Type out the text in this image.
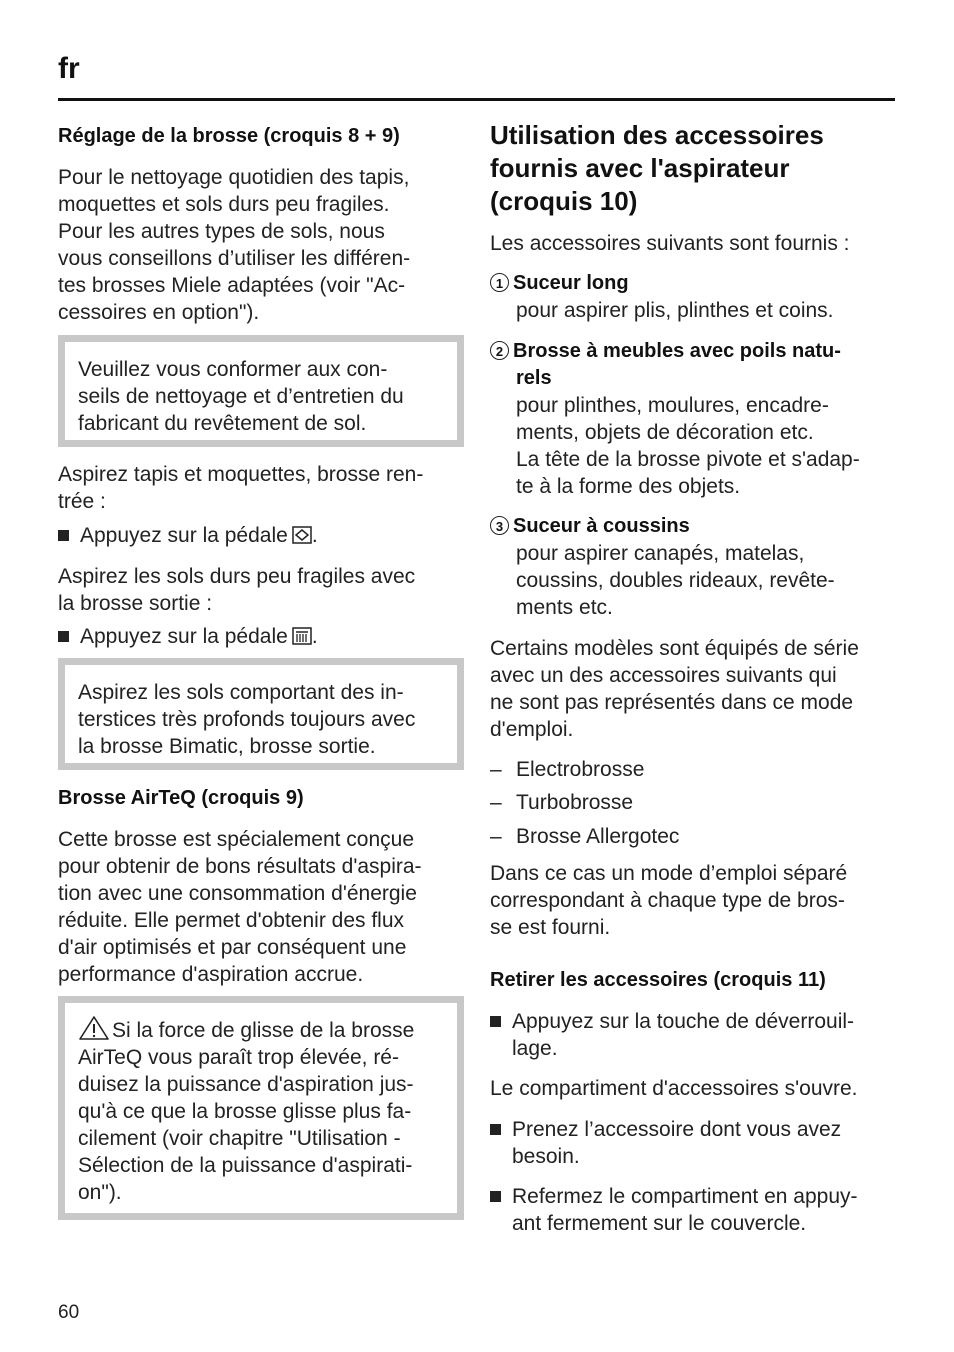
fr
Réglage de la brosse (croquis 8 + 9)
Pour le nettoyage quotidien des tapis,
moquettes et sols durs peu fragiles.
Pour les autres types de sols, nous
vous conseillons d’utiliser les différen-
tes brosses Miele adaptées (voir "Ac-
cessoires en option").
Veuillez vous conformer aux con-
seils de nettoyage et d’entretien du
fabricant du revêtement de sol.
Aspirez tapis et moquettes, brosse ren-
trée :
Appuyez sur la pédale .
Aspirez les sols durs peu fragiles avec
la brosse sortie :
Appuyez sur la pédale .
Aspirez les sols comportant des in-
terstices très profonds toujours avec
la brosse Bimatic, brosse sortie.
Brosse AirTeQ (croquis 9)
Cette brosse est spécialement conçue
pour obtenir de bons résultats d'aspira-
tion avec une consommation d'énergie
réduite. Elle permet d'obtenir des flux
d'air optimisés et par conséquent une
performance d'aspiration accrue.
Si la force de glisse de la brosse
AirTeQ vous paraît trop élevée, ré-
duisez la puissance d'aspiration jus-
qu'à ce que la brosse glisse plus fa-
cilement (voir chapitre "Utilisation -
Sélection de la puissance d'aspirati-
on").
Utilisation des accessoires
fournis avec l'aspirateur
(croquis 10)
Les accessoires suivants sont fournis :
1 Suceur long
pour aspirer plis, plinthes et coins.
2 Brosse à meubles avec poils natu-
rels
pour plinthes, moulures, encadre-
ments, objets de décoration etc.
La tête de la brosse pivote et s'adap-
te à la forme des objets.
3 Suceur à coussins
pour aspirer canapés, matelas,
coussins, doubles rideaux, revête-
ments etc.
Certains modèles sont équipés de série
avec un des accessoires suivants qui
ne sont pas représentés dans ce mode
d'emploi.
– Electrobrosse
– Turbobrosse
– Brosse Allergotec
Dans ce cas un mode d’emploi séparé
correspondant à chaque type de bros-
se est fourni.
Retirer les accessoires (croquis 11)
Appuyez sur la touche de déverrouil-
lage.
Le compartiment d'accessoires s'ouvre.
Prenez l’accessoire dont vous avez
besoin.
Refermez le compartiment en appuy-
ant fermement sur le couvercle.
60
